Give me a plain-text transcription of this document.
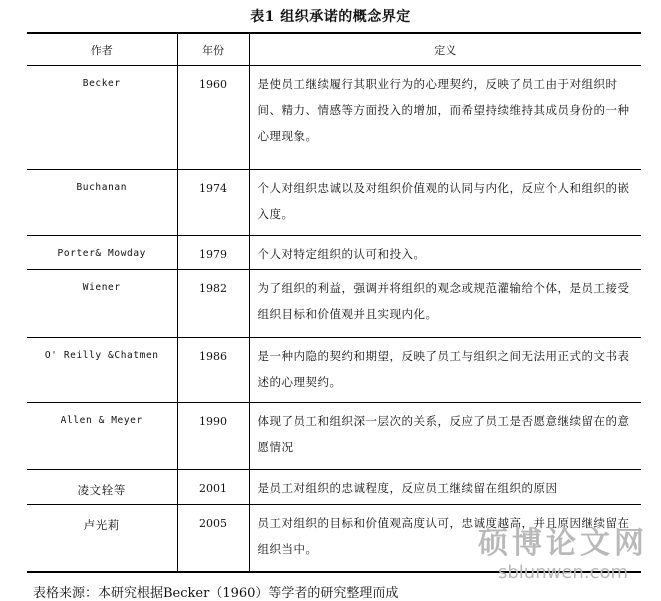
表1 组织承诺的概念界定
作者	年份	定义
Becker	1960	是使员工继续履行其职业行为的心理契约，反映了员工由于对组织时间、精力、情感等方面投入的增加，而希望持续维持其成员身份的一种心理现象。
Buchanan	1974	个人对组织忠诚以及对组织价值观的认同与内化，反应个人和组织的嵌入度。
Porter& Mowday	1979	个人对特定组织的认可和投入。
Wiener	1982	为了组织的利益，强调并将组织的观念或规范灌输给个体，是员工接受组织目标和价值观并且实现内化。
O' Reilly &Chatmen	1986	是一种内隐的契约和期望，反映了员工与组织之间无法用正式的文书表述的心理契约。
Allen & Meyer	1990	体现了员工和组织深一层次的关系，反应了员工是否愿意继续留在的意愿情况
凌文辁等	2001	是员工对组织的忠诚程度，反应员工继续留在组织的原因
卢光莉	2005	员工对组织的目标和价值观高度认可，忠诚度越高，并且原因继续留在组织当中。
表格来源：本研究根据Becker（1960）等学者的研究整理而成
硕博论文网
sblunwen.com
